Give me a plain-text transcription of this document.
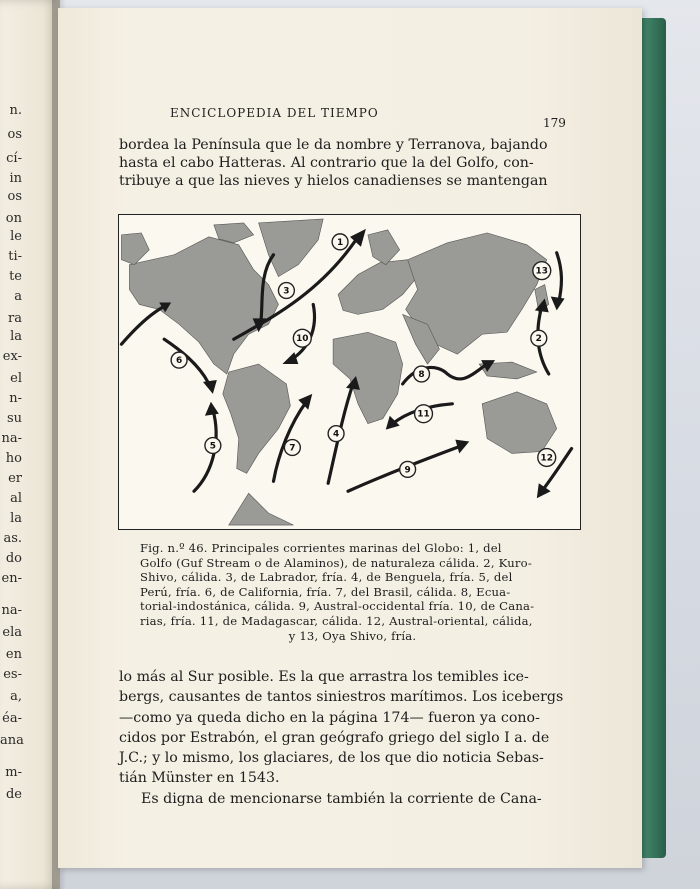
n.
os
cí-
in
os
on
le
ti-
te
a
ra
la
ex-
el
n-
su
na-
ho
er
al
la
as.
do
en-
na-
ela
en
es-
a,
éa-
ana
m-
de
ENCICLOPEDIA DEL TIEMPO
179

bordea la Península que le da nombre y Terranova, bajando
hasta el cabo Hatteras. Al contrario que la del Golfo, con-
tribuye a que las nieves y hielos canadienses se mantengan

1
2
3
4
5
6
7
8
9
10
11
12
13
Fig. n.º 46. Principales corrientes marinas del Globo: 1, del
Golfo (Guf Stream o de Alaminos), de naturaleza cálida. 2, Kuro-
Shivo, cálida. 3, de Labrador, fría. 4, de Benguela, fría. 5, del
Perú, fría. 6, de California, fría. 7, del Brasil, cálida. 8, Ecua-
torial-indostánica, cálida. 9, Austral-occidental fría. 10, de Cana-
rias, fría. 11, de Madagascar, cálida. 12, Austral-oriental, cálida,
y 13, Oya Shivo, fría.

lo más al Sur posible. Es la que arrastra los temibles ice-
bergs, causantes de tantos siniestros marítimos. Los icebergs
—como ya queda dicho en la página 174— fueron ya cono-
cidos por Estrabón, el gran geógrafo griego del siglo I a. de
J.C.; y lo mismo, los glaciares, de los que dio noticia Sebas-
tián Münster en 1543.
Es digna de mencionarse también la corriente de Cana-
